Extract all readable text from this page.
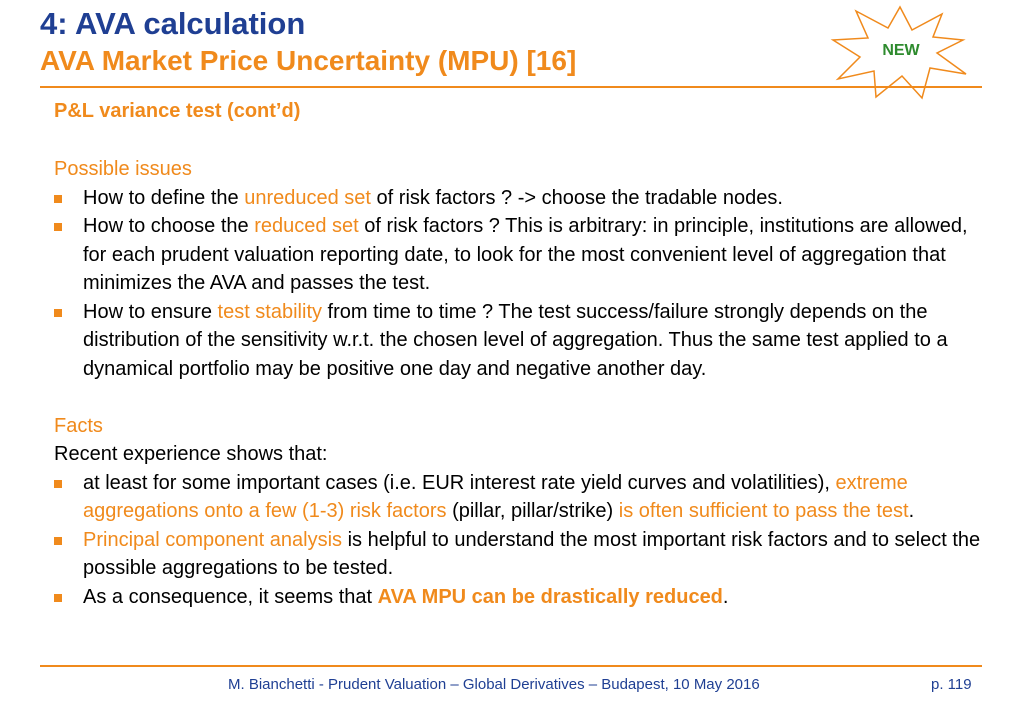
4: AVA calculation
AVA Market Price Uncertainty (MPU) [16]	NEW
P&L variance test (cont’d)

Possible issues

How to define the unreduced set of risk factors ? -> choose the tradable nodes.
How to choose the reduced set of risk factors ? This is arbitrary: in principle, institutions are allowed, for each prudent valuation reporting date, to look for the most convenient level of aggregation that minimizes the AVA and passes the test.
How to ensure test stability from time to time ? The test success/failure strongly depends on the distribution of the sensitivity w.r.t. the chosen level of aggregation. Thus the same test applied to a dynamical portfolio may be positive one day and negative another day.

Facts

Recent experience shows that:

at least for some important cases (i.e. EUR interest rate yield curves and volatilities), extreme aggregations onto a few (1-3) risk factors (pillar, pillar/strike) is often sufficient to pass the test.
Principal component analysis is helpful to understand the most important risk factors and to select the possible aggregations to be tested.
As a consequence, it seems that AVA MPU can be drastically reduced.
M. Bianchetti - Prudent Valuation – Global Derivatives – Budapest, 10 May 2016	p. 119
